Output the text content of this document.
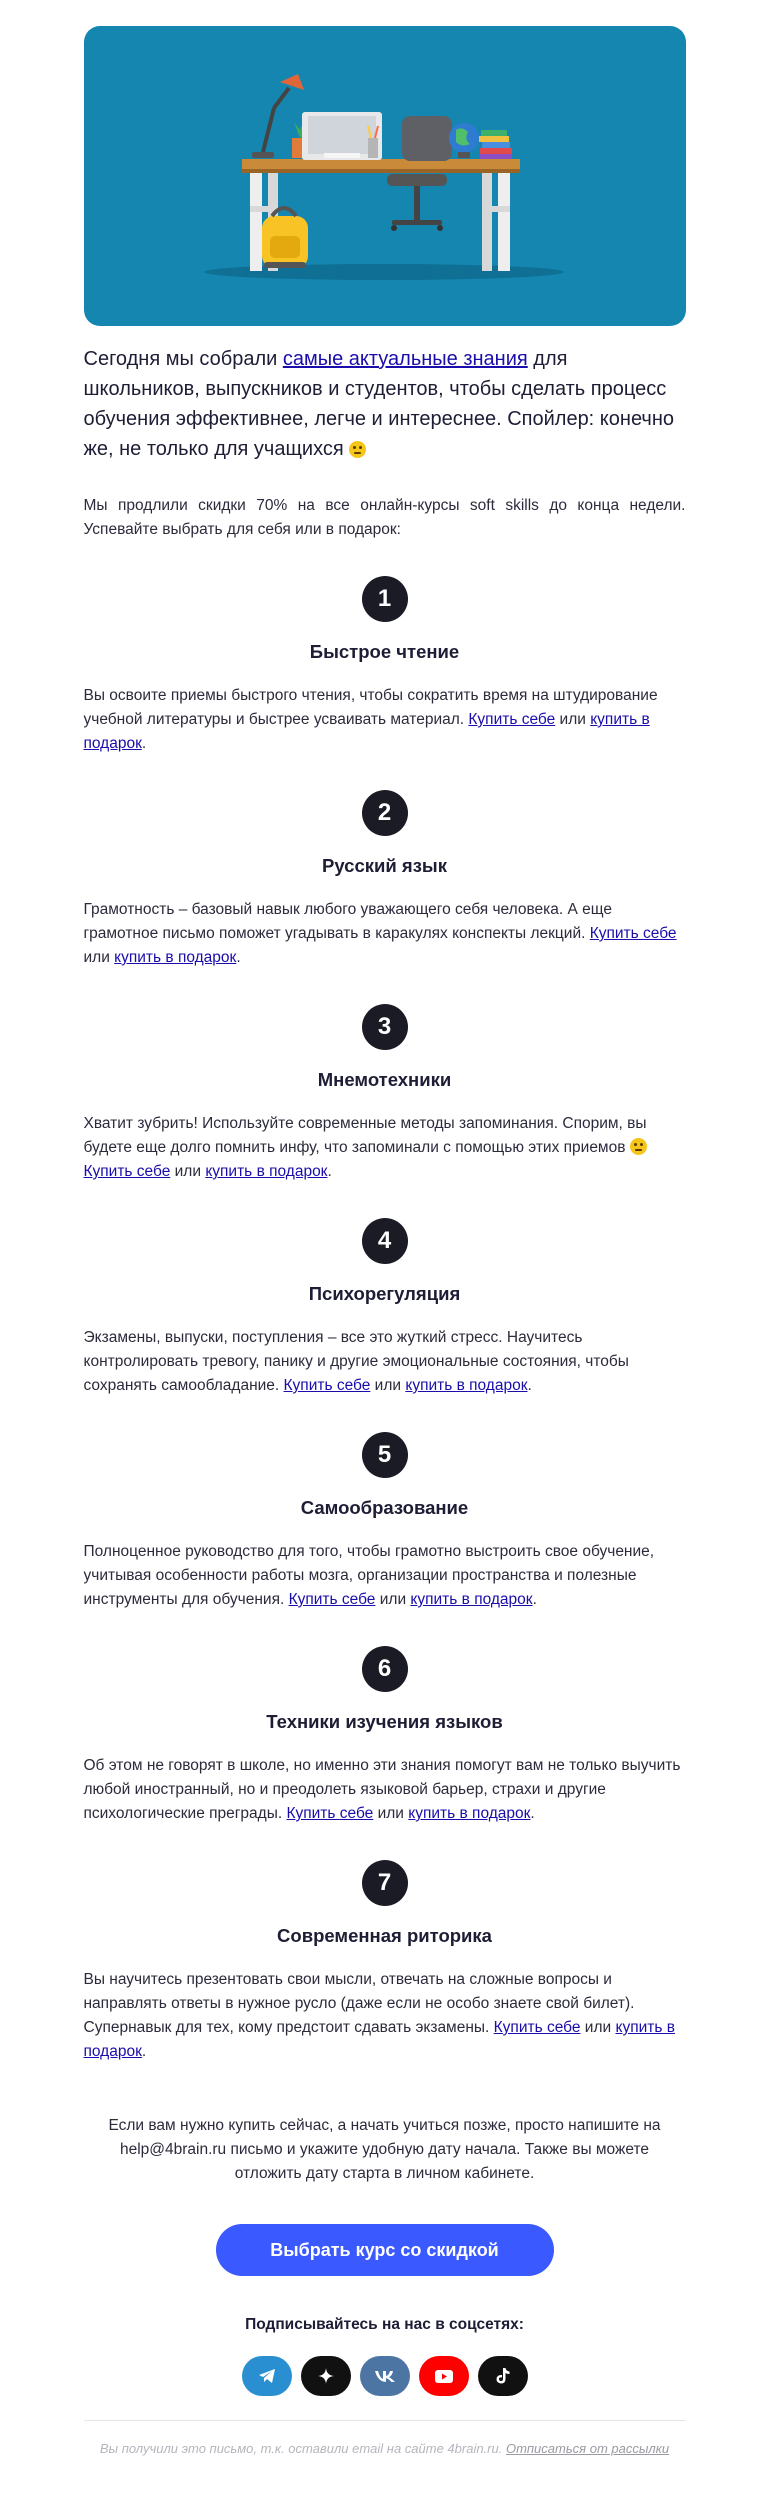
Сегодня мы собрали самые актуальные знания для школьников, выпускников и студентов, чтобы сделать процесс обучения эффективнее, легче и интереснее. Спойлер: конечно же, не только для учащихся
Мы продлили скидки 70% на все онлайн-курсы soft skills до конца недели. Успевайте выбрать для себя или в подарок:
1
Быстрое чтение

Вы освоите приемы быстрого чтения, чтобы сократить время на штудирование учебной литературы и быстрее усваивать материал. Купить себе или купить в подарок.

2
Русский язык

Грамотность – базовый навык любого уважающего себя человека. А еще грамотное письмо поможет угадывать в каракулях конспекты лекций. Купить себе или купить в подарок.

3
Мнемотехники

Хватит зубрить! Используйте современные методы запоминания. Спорим, вы будете еще долго помнить инфу, что запоминали с помощью этих приемов
Купить себе или купить в подарок.

4
Психорегуляция

Экзамены, выпуски, поступления – все это жуткий стресс. Научитесь контролировать тревогу, панику и другие эмоциональные состояния, чтобы сохранять самообладание. Купить себе или купить в подарок.

5
Самообразование

Полноценное руководство для того, чтобы грамотно выстроить свое обучение, учитывая особенности работы мозга, организации пространства и полезные инструменты для обучения. Купить себе или купить в подарок.

6
Техники изучения языков

Об этом не говорят в школе, но именно эти знания помогут вам не только выучить любой иностранный, но и преодолеть языковой барьер, страхи и другие психологические преграды. Купить себе или купить в подарок.

7
Современная риторика

Вы научитесь презентовать свои мысли, отвечать на сложные вопросы и направлять ответы в нужное русло (даже если не особо знаете свой билет). Супернавык для тех, кому предстоит сдавать экзамены. Купить себе или купить в подарок.

Если вам нужно купить сейчас, а начать учиться позже, просто напишите на help@4brain.ru письмо и укажите удобную дату начала. Также вы можете отложить дату старта в личном кабинете.
Выбрать курс со скидкой
Подписывайтесь на нас в соцсетях:
Вы получили это письмо, т.к. оставили email на сайте 4brain.ru. Отписаться от рассылки
